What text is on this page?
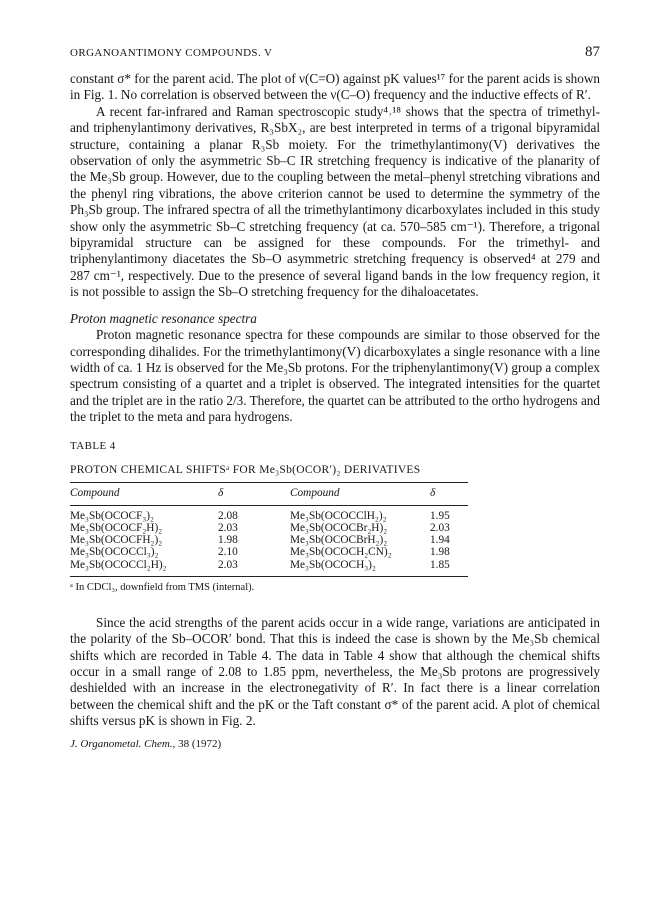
ORGANOANTIMONY COMPOUNDS. V	87

constant σ* for the parent acid. The plot of ν(C=O) against pK values¹⁷ for the parent acids is shown in Fig. 1. No correlation is observed between the ν(C–O) frequency and the inductive effects of R′.

A recent far-infrared and Raman spectroscopic study⁴˒¹⁸ shows that the spectra of trimethyl- and triphenylantimony derivatives, R₃SbX₂, are best interpreted in terms of a trigonal bipyramidal structure, containing a planar R₃Sb moiety. For the trimethylantimony(V) derivatives the observation of only the asymmetric Sb–C IR stretching frequency is indicative of the planarity of the Me₃Sb group. However, due to the coupling between the metal–phenyl stretching vibrations and the phenyl ring vibrations, the above criterion cannot be used to determine the symmetry of the Ph₃Sb group. The infrared spectra of all the trimethylantimony dicarboxylates included in this study show only the asymmetric Sb–C stretching frequency (at ca. 570–585 cm⁻¹). Therefore, a trigonal bipyramidal structure can be assigned for these compounds. For the trimethyl- and triphenylantimony diacetates the Sb–O asymmetric stretching frequency is observed⁴ at 279 and 287 cm⁻¹, respectively. Due to the presence of several ligand bands in the low frequency region, it is not possible to assign the Sb–O stretching frequency for the dihaloacetates.

Proton magnetic resonance spectra

Proton magnetic resonance spectra for these compounds are similar to those observed for the corresponding dihalides. For the trimethylantimony(V) dicarboxylates a single resonance with a line width of ca. 1 Hz is observed for the Me₃Sb protons. For the triphenylantimony(V) group a complex spectrum consisting of a quartet and a triplet is observed. The integrated intensities for the quartet and the triplet are in the ratio 2/3. Therefore, the quartet can be attributed to the ortho hydrogens and the triplet to the meta and para hydrogens.

TABLE 4
PROTON CHEMICAL SHIFTSᵃ FOR Me₃Sb(OCOR′)₂ DERIVATIVES
Compound	δ	Compound	δ
Me₃Sb(OCOCF₃)₂	2.08	Me₃Sb(OCOCClH₂)₂	1.95
Me₃Sb(OCOCF₂H)₂	2.03	Me₃Sb(OCOCBr₂H)₂	2.03
Me₃Sb(OCOCFH₂)₂	1.98	Me₃Sb(OCOCBrH₂)₂	1.94
Me₃Sb(OCOCCl₃)₂	2.10	Me₃Sb(OCOCH₂CN)₂	1.98
Me₃Sb(OCOCCl₂H)₂	2.03	Me₃Sb(OCOCH₃)₂	1.85
ᵃ In CDCl₃, downfield from TMS (internal).

Since the acid strengths of the parent acids occur in a wide range, variations are anticipated in the polarity of the Sb–OCOR′ bond. That this is indeed the case is shown by the Me₃Sb chemical shifts which are recorded in Table 4. The data in Table 4 show that although the chemical shifts occur in a small range of 2.08 to 1.85 ppm, nevertheless, the Me₃Sb protons are progressively deshielded with an increase in the electronegativity of R′. In fact there is a linear correlation between the chemical shift and the pK or the Taft constant σ* of the parent acid. A plot of chemical shifts versus pK is shown in Fig. 2.

J. Organometal. Chem., 38 (1972)
